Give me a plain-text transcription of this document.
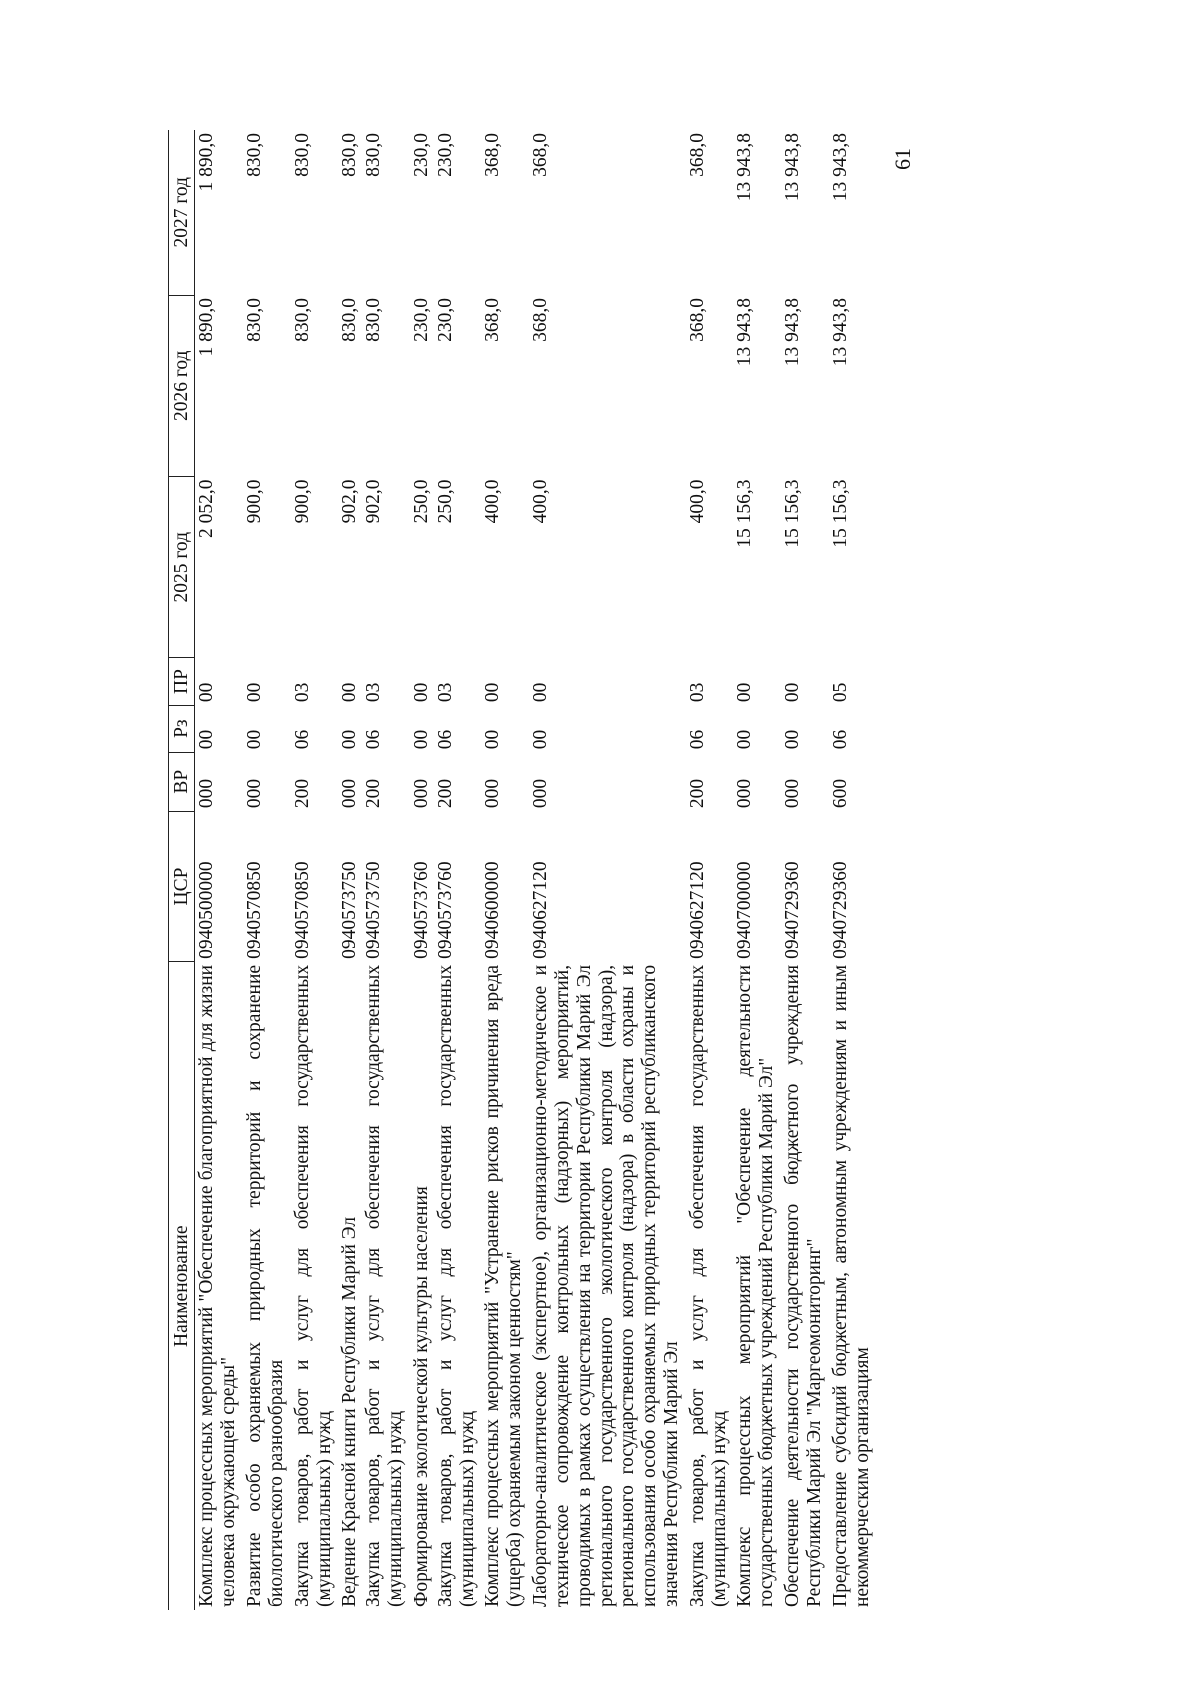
61
Наименование	ЦСР	ВР	Рз	ПР	2025 год	2026 год	2027 год
Комплекс процессных мероприятий "Обеспечение благоприятной для жизни человека окружающей среды"	0940500000	000	00	00	2 052,0	1 890,0	1 890,0
Развитие особо охраняемых природных территорий и сохранение биологического разнообразия	0940570850	000	00	00	900,0	830,0	830,0
Закупка товаров, работ и услуг для обеспечения государственных (муниципальных) нужд	0940570850	200	06	03	900,0	830,0	830,0
Ведение Красной книги Республики Марий Эл	0940573750	000	00	00	902,0	830,0	830,0
Закупка товаров, работ и услуг для обеспечения государственных (муниципальных) нужд	0940573750	200	06	03	902,0	830,0	830,0
Формирование экологической культуры населения	0940573760	000	00	00	250,0	230,0	230,0
Закупка товаров, работ и услуг для обеспечения государственных (муниципальных) нужд	0940573760	200	06	03	250,0	230,0	230,0
Комплекс процессных мероприятий "Устранение рисков причинения вреда (ущерба) охраняемым законом ценностям"	0940600000	000	00	00	400,0	368,0	368,0
Лабораторно-аналитическое (экспертное), организационно-методическое и техническое сопровождение контрольных (надзорных) мероприятий, проводимых в рамках осуществления на территории Республики Марий Эл регионального государственного экологического контроля (надзора), регионального государственного контроля (надзора) в области охраны и использования особо охраняемых природных территорий республиканского значения Республики Марий Эл	0940627120	000	00	00	400,0	368,0	368,0
Закупка товаров, работ и услуг для обеспечения государственных (муниципальных) нужд	0940627120	200	06	03	400,0	368,0	368,0
Комплекс процессных мероприятий "Обеспечение деятельности государственных бюджетных учреждений Республики Марий Эл"	0940700000	000	00	00	15 156,3	13 943,8	13 943,8
Обеспечение деятельности государственного бюджетного учреждения Республики Марий Эл "Маргеомониторинг"	0940729360	000	00	00	15 156,3	13 943,8	13 943,8
Предоставление субсидий бюджетным, автономным учреждениям и иным некоммерческим организациям	0940729360	600	06	05	15 156,3	13 943,8	13 943,8
